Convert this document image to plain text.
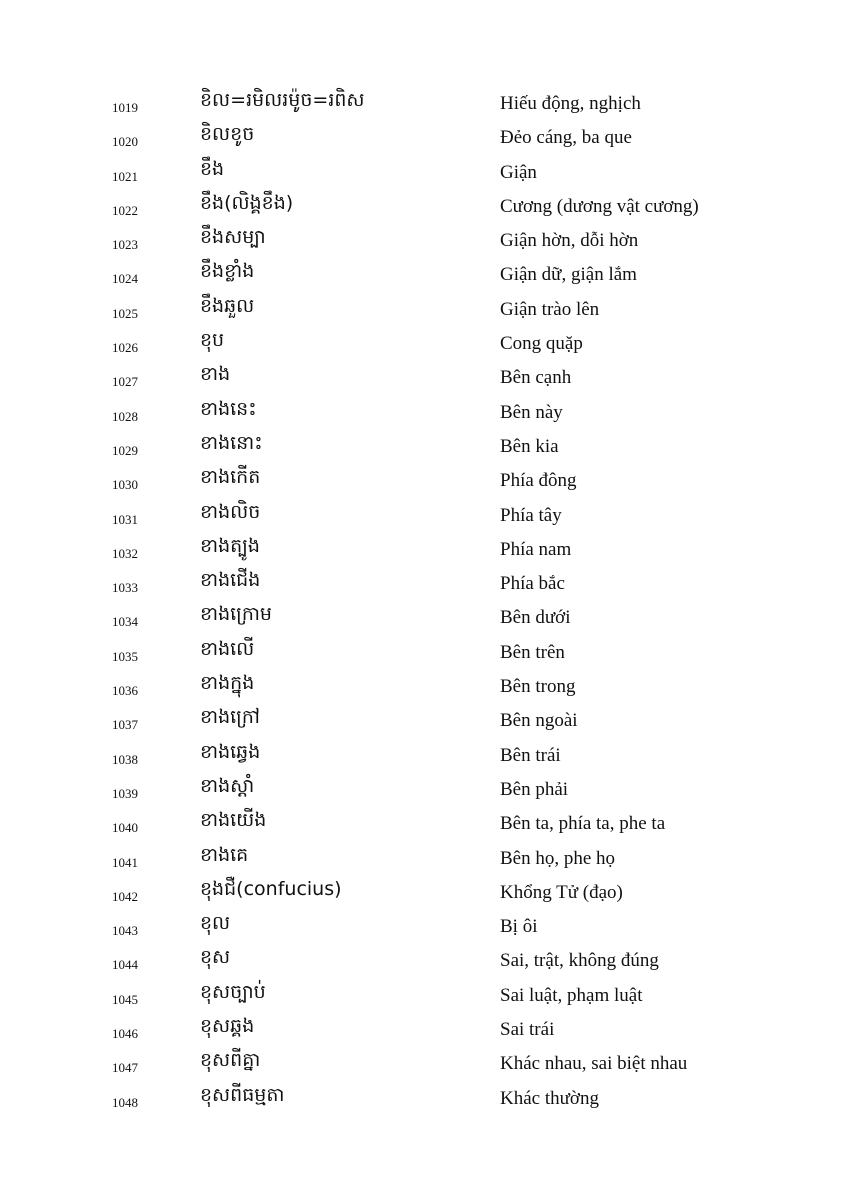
1019	ខិល=រមិលរម៉ូច=រពិស	Hiếu động, nghịch
1020	ខិលខូច	Đẻo cáng, ba que
1021	ខឹង	Giận
1022	ខឹង(លិង្គខឹង)	Cương (dương vật cương)
1023	ខឹងសម្បា	Giận hờn, dỗi hờn
1024	ខឹងខ្លាំង	Giận dữ, giận lắm
1025	ខឹងឆួល	Giận trào lên
1026	ខុប	Cong quặp
1027	ខាង	Bên cạnh
1028	ខាងនេះ	Bên này
1029	ខាងនោះ	Bên kia
1030	ខាងកើត	Phía đông
1031	ខាងលិច	Phía tây
1032	ខាងត្បូង	Phía nam
1033	ខាងជើង	Phía bắc
1034	ខាងក្រោម	Bên dưới
1035	ខាងលើ	Bên trên
1036	ខាងក្នុង	Bên trong
1037	ខាងក្រៅ	Bên ngoài
1038	ខាងឆ្វេង	Bên trái
1039	ខាងស្តាំ	Bên phải
1040	ខាងយើង	Bên ta, phía ta, phe ta
1041	ខាងគេ	Bên họ, phe họ
1042	ខុងជឺ(confucius)	Khổng Tử (đạo)
1043	ខុល	Bị ôi
1044	ខុស	Sai, trật, không đúng
1045	ខុសច្បាប់	Sai luật, phạm luật
1046	ខុសឆ្គង	Sai trái
1047	ខុសពីគ្នា	Khác nhau, sai biệt nhau
1048	ខុសពីធម្មតា	Khác thường
